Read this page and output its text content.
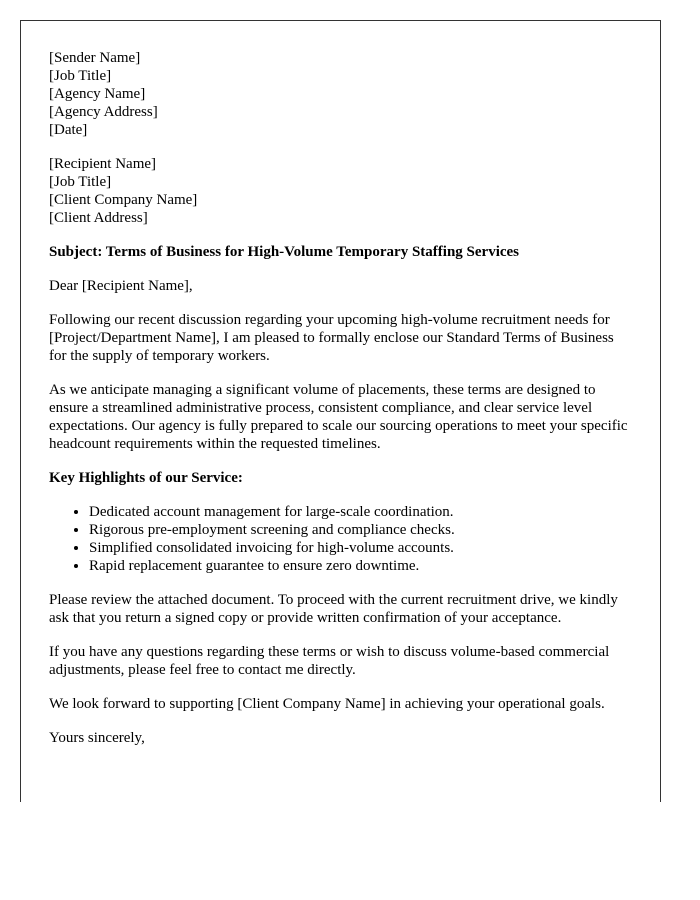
[Sender Name]
[Job Title]
[Agency Name]
[Agency Address]
[Date]
[Recipient Name]
[Job Title]
[Client Company Name]
[Client Address]
Subject: Terms of Business for High-Volume Temporary Staffing Services

Dear [Recipient Name],

Following our recent discussion regarding your upcoming high-volume recruitment needs for [Project/Department Name], I am pleased to formally enclose our Standard Terms of Business for the supply of temporary workers.

As we anticipate managing a significant volume of placements, these terms are designed to ensure a streamlined administrative process, consistent compliance, and clear service level expectations. Our agency is fully prepared to scale our sourcing operations to meet your specific headcount requirements within the requested timelines.

Key Highlights of our Service:

• Dedicated account management for large-scale coordination.
• Rigorous pre-employment screening and compliance checks.
• Simplified consolidated invoicing for high-volume accounts.
• Rapid replacement guarantee to ensure zero downtime.

Please review the attached document. To proceed with the current recruitment drive, we kindly ask that you return a signed copy or provide written confirmation of your acceptance.

If you have any questions regarding these terms or wish to discuss volume-based commercial adjustments, please feel free to contact me directly.

We look forward to supporting [Client Company Name] in achieving your operational goals.

Yours sincerely,
